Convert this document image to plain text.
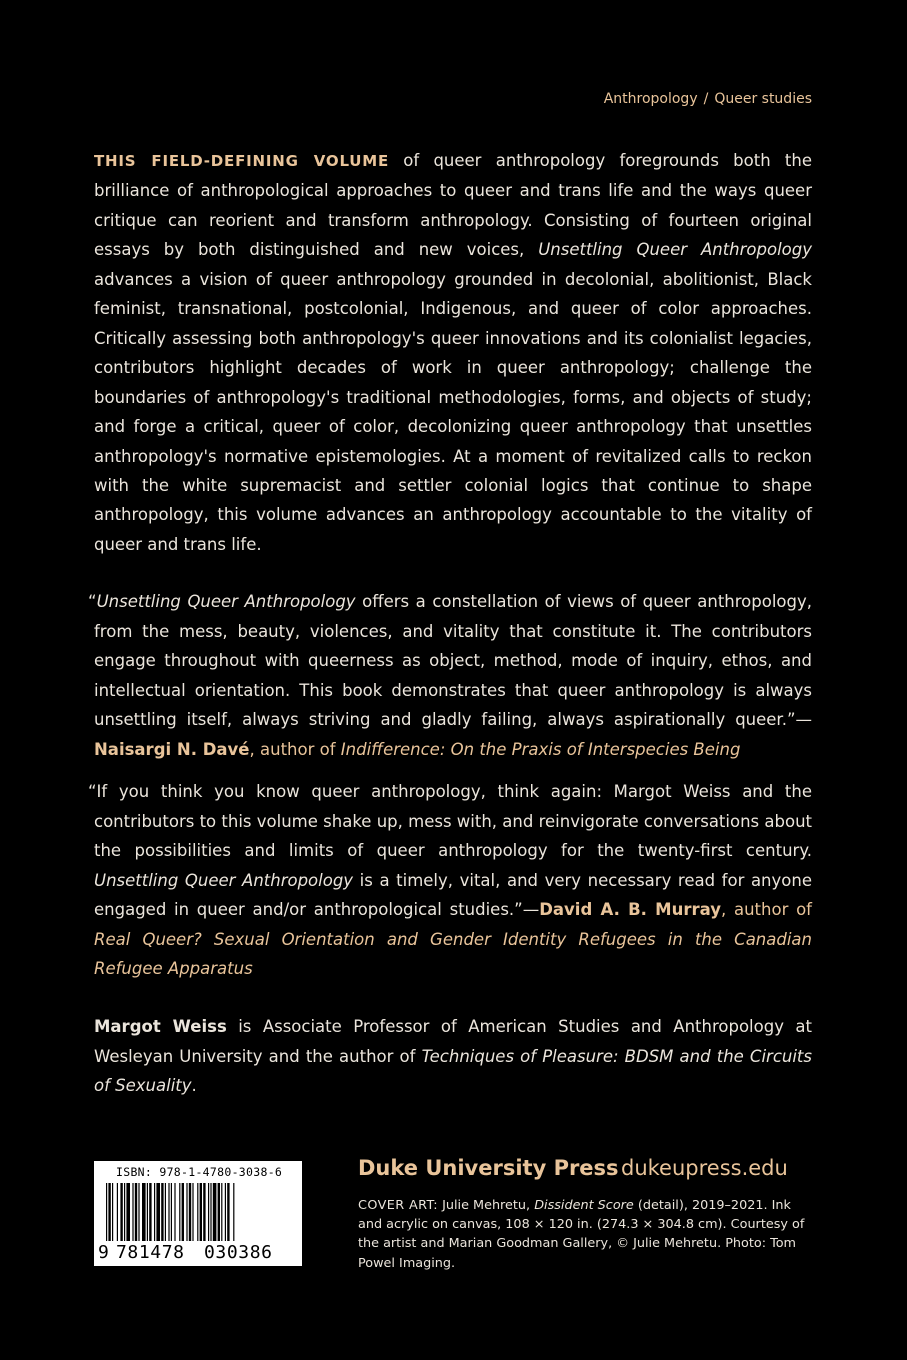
Anthropology / Queer studies
THIS FIELD-DEFINING VOLUME of queer anthropology foregrounds both the brilliance of anthropological approaches to queer and trans life and the ways queer critique can reorient and transform anthropology. Consisting of fourteen original essays by both distinguished and new voices, Unsettling Queer Anthropology advances a vision of queer anthropology grounded in decolonial, abolitionist, Black feminist, transnational, postcolonial, Indigenous, and queer of color approaches. Critically assessing both anthropology's queer innovations and its colonialist legacies, contributors highlight decades of work in queer anthropology; challenge the boundaries of anthropology's traditional methodologies, forms, and objects of study; and forge a critical, queer of color, decolonizing queer anthropology that unsettles anthropology's normative epistemologies. At a moment of revitalized calls to reckon with the white supremacist and settler colonial logics that continue to shape anthropology, this volume advances an anthropology accountable to the vitality of queer and trans life.
“Unsettling Queer Anthropology offers a constellation of views of queer anthropology, from the mess, beauty, violences, and vitality that constitute it. The contributors engage throughout with queerness as object, method, mode of inquiry, ethos, and intellectual orientation. This book demonstrates that queer anthropology is always unsettling itself, always striving and gladly failing, always aspirationally queer.”—Naisargi N. Davé, author of Indifference: On the Praxis of Interspecies Being
“If you think you know queer anthropology, think again: Margot Weiss and the contributors to this volume shake up, mess with, and reinvigorate conversations about the possibilities and limits of queer anthropology for the twenty-first century. Unsettling Queer Anthropology is a timely, vital, and very necessary read for anyone engaged in queer and/or anthropological studies.”—David A. B. Murray, author of Real Queer? Sexual Orientation and Gender Identity Refugees in the Canadian Refugee Apparatus
Margot Weiss is Associate Professor of American Studies and Anthropology at Wesleyan University and the author of Techniques of Pleasure: BDSM and the Circuits of Sexuality.
ISBN: 978-1-4780-3038-6
9 781478 030386
Duke University Press dukeupress.edu
COVER ART: Julie Mehretu, Dissident Score (detail), 2019–2021. Ink and acrylic on canvas, 108 × 120 in. (274.3 × 304.8 cm). Courtesy of the artist and Marian Goodman Gallery, © Julie Mehretu. Photo: Tom Powel Imaging.
